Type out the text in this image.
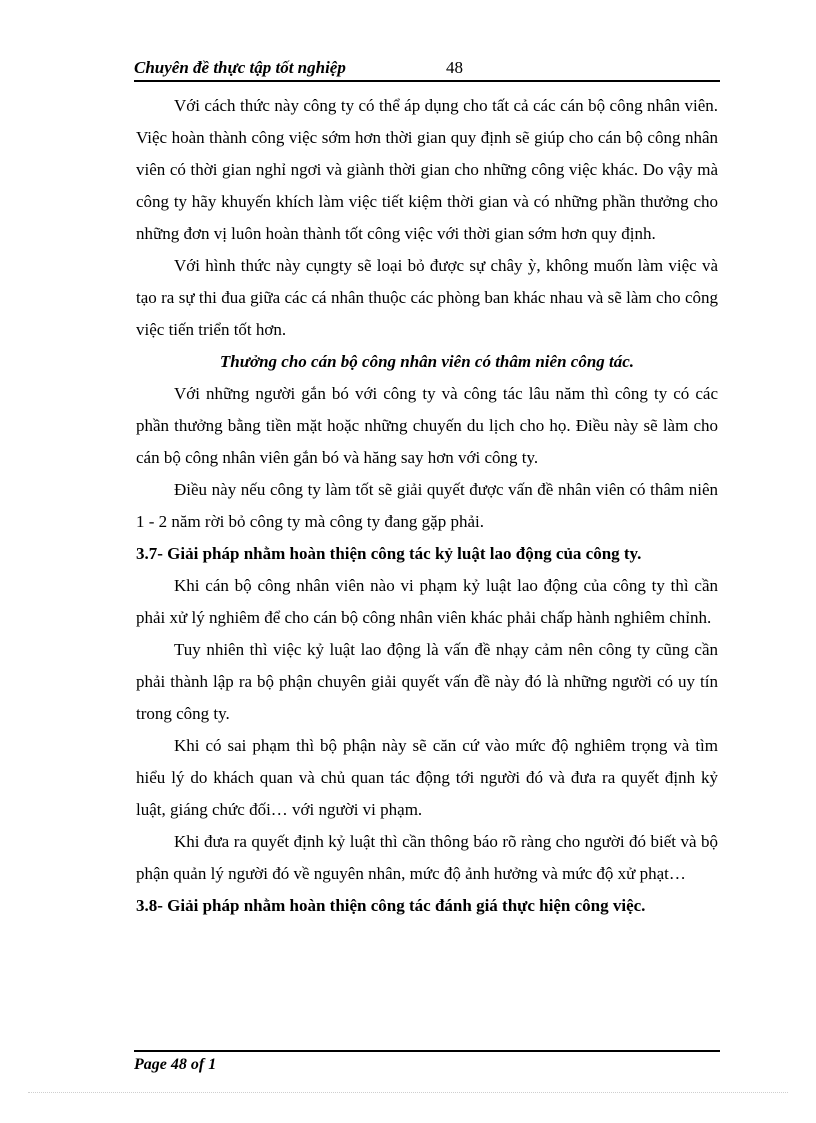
Chuyên đề thực tập tốt nghiệp	48

Với cách thức này công ty có thể áp dụng cho tất cả các cán bộ công nhân viên. Việc hoàn thành công việc sớm hơn thời gian quy định sẽ giúp cho cán bộ công nhân viên có thời gian nghỉ ngơi và giành thời gian cho những công việc khác. Do vậy mà công ty hãy khuyến khích làm việc tiết kiệm thời gian và có những phần thưởng cho những đơn vị luôn hoàn thành tốt công việc với thời gian sớm hơn quy định.

Với hình thức này cụngty sẽ loại bỏ được sự chây ỳ, không muốn làm việc và tạo ra sự thi đua giữa các cá nhân thuộc các phòng ban khác nhau và sẽ làm cho công việc tiến triển tốt hơn.

Thưởng cho cán bộ công nhân viên có thâm niên công tác.

Với những người gắn bó với công ty và công tác lâu năm thì công ty có các phần thưởng bằng tiền mặt hoặc những chuyến du lịch cho họ. Điều này sẽ làm cho cán bộ công nhân viên gắn bó và hăng say hơn với công ty.

Điều này nếu công ty làm tốt sẽ giải quyết được vấn đề nhân viên có thâm niên 1 - 2 năm rời bỏ công ty mà công ty đang gặp phải.

3.7- Giải pháp nhằm hoàn thiện công tác kỷ luật lao động của công ty.

Khi cán bộ công nhân viên nào vi phạm kỷ luật lao động của công ty thì cần phải xử lý nghiêm để cho cán bộ công nhân viên khác phải chấp hành nghiêm chỉnh.

Tuy nhiên thì việc kỷ luật lao động là vấn đề nhạy cảm nên công ty cũng cần phải thành lập ra bộ phận chuyên giải quyết vấn đề này đó là những người có uy tín trong công ty.

Khi có sai phạm thì bộ phận này sẽ căn cứ vào mức độ nghiêm trọng và tìm hiểu lý do khách quan và chủ quan tác động tới người đó và đưa ra quyết định kỷ luật, giáng chức đối… với người vi phạm.

Khi đưa ra quyết định kỷ luật thì cần thông báo rõ ràng cho người đó biết và bộ phận quản lý người đó về nguyên nhân, mức độ ảnh hưởng và mức độ xử phạt…

3.8- Giải pháp nhằm hoàn thiện công tác đánh giá thực hiện công việc.

Page 48 of 1
